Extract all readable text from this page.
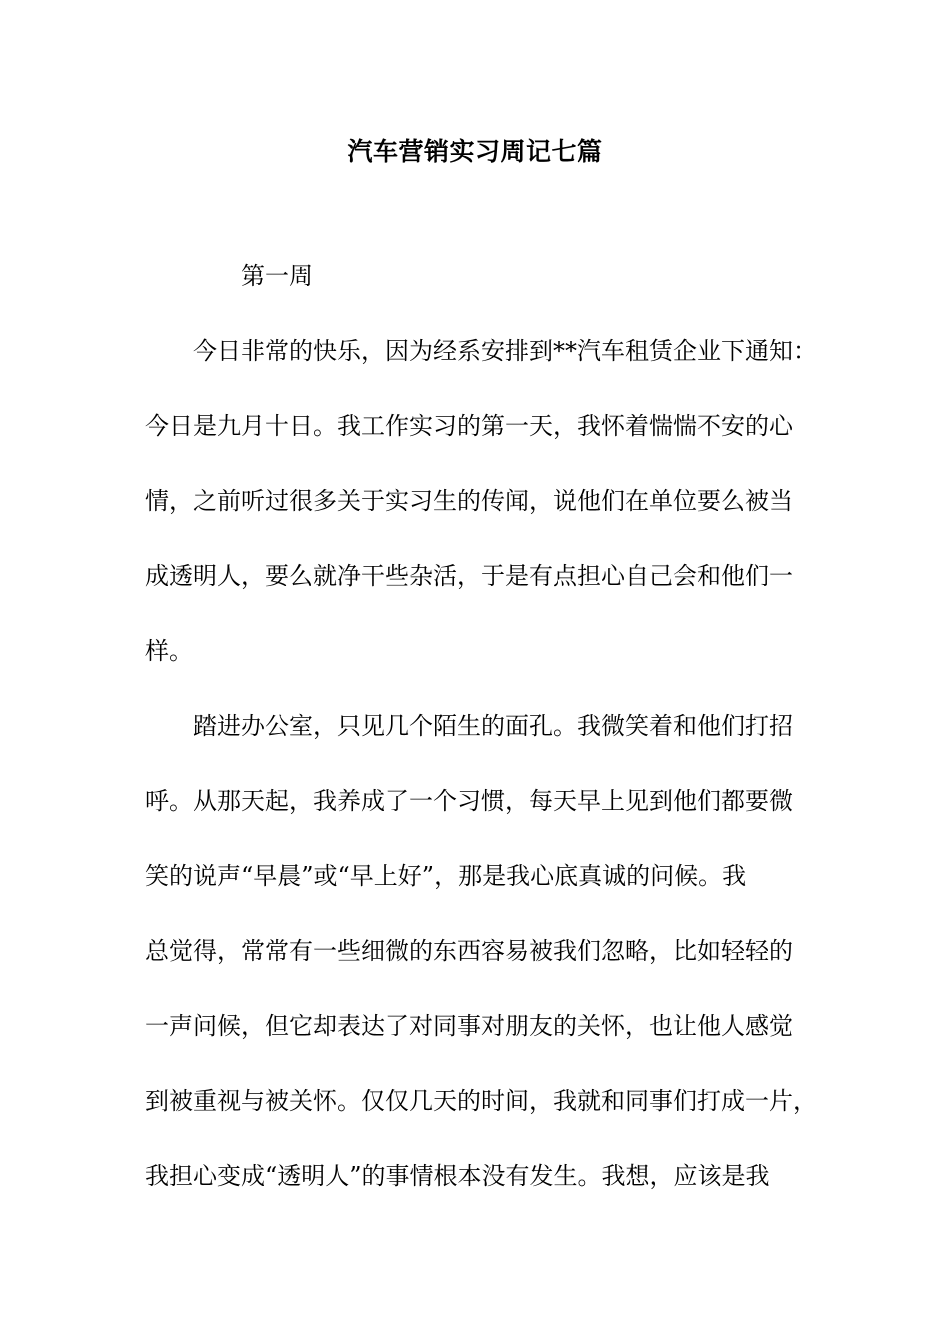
汽车营销实习周记七篇
第一周
今日非常的快乐，因为经系安排到**汽车租赁企业下通知：
今日是九月十日。我工作实习的第一天，我怀着惴惴不安的心
情，之前听过很多关于实习生的传闻，说他们在单位要么被当
成透明人，要么就净干些杂活，于是有点担心自己会和他们一
样。
踏进办公室，只见几个陌生的面孔。我微笑着和他们打招
呼。从那天起，我养成了一个习惯，每天早上见到他们都要微
笑的说声“早晨”或“早上好”，那是我心底真诚的问候。我
总觉得，常常有一些细微的东西容易被我们忽略，比如轻轻的
一声问候，但它却表达了对同事对朋友的关怀，也让他人感觉
到被重视与被关怀。仅仅几天的时间，我就和同事们打成一片，
我担心变成“透明人”的事情根本没有发生。我想，应该是我
